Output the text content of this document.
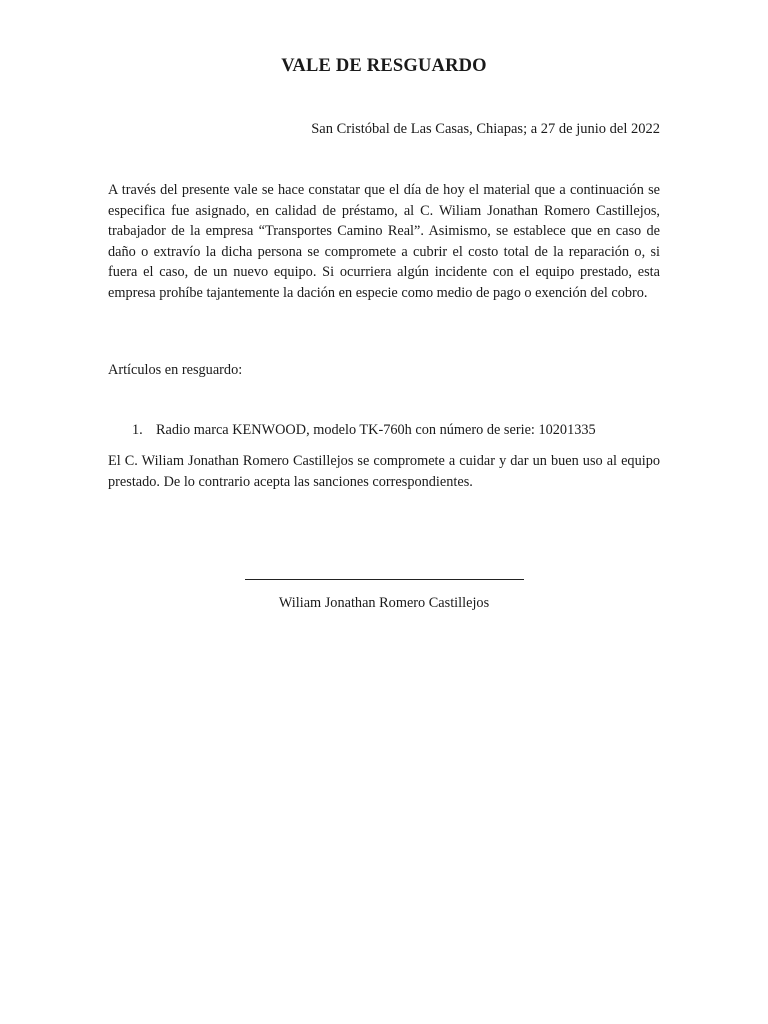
VALE DE RESGUARDO
San Cristóbal de Las Casas, Chiapas; a 27 de junio del 2022

A través del presente vale se hace constatar que el día de hoy el material que a continuación se especifica fue asignado, en calidad de préstamo, al C. Wiliam Jonathan Romero Castillejos, trabajador de la empresa “Transportes Camino Real”. Asimismo, se establece que en caso de daño o extravío la dicha persona se compromete a cubrir el costo total de la reparación o, si fuera el caso, de un nuevo equipo. Si ocurriera algún incidente con el equipo prestado, esta empresa prohíbe tajantemente la dación en especie como medio de pago o exención del cobro.

Artículos en resguardo:
1. Radio marca KENWOOD, modelo TK-760h con número de serie: 10201335

El C. Wiliam Jonathan Romero Castillejos se compromete a cuidar y dar un buen uso al equipo prestado. De lo contrario acepta las sanciones correspondientes.

Wiliam Jonathan Romero Castillejos
